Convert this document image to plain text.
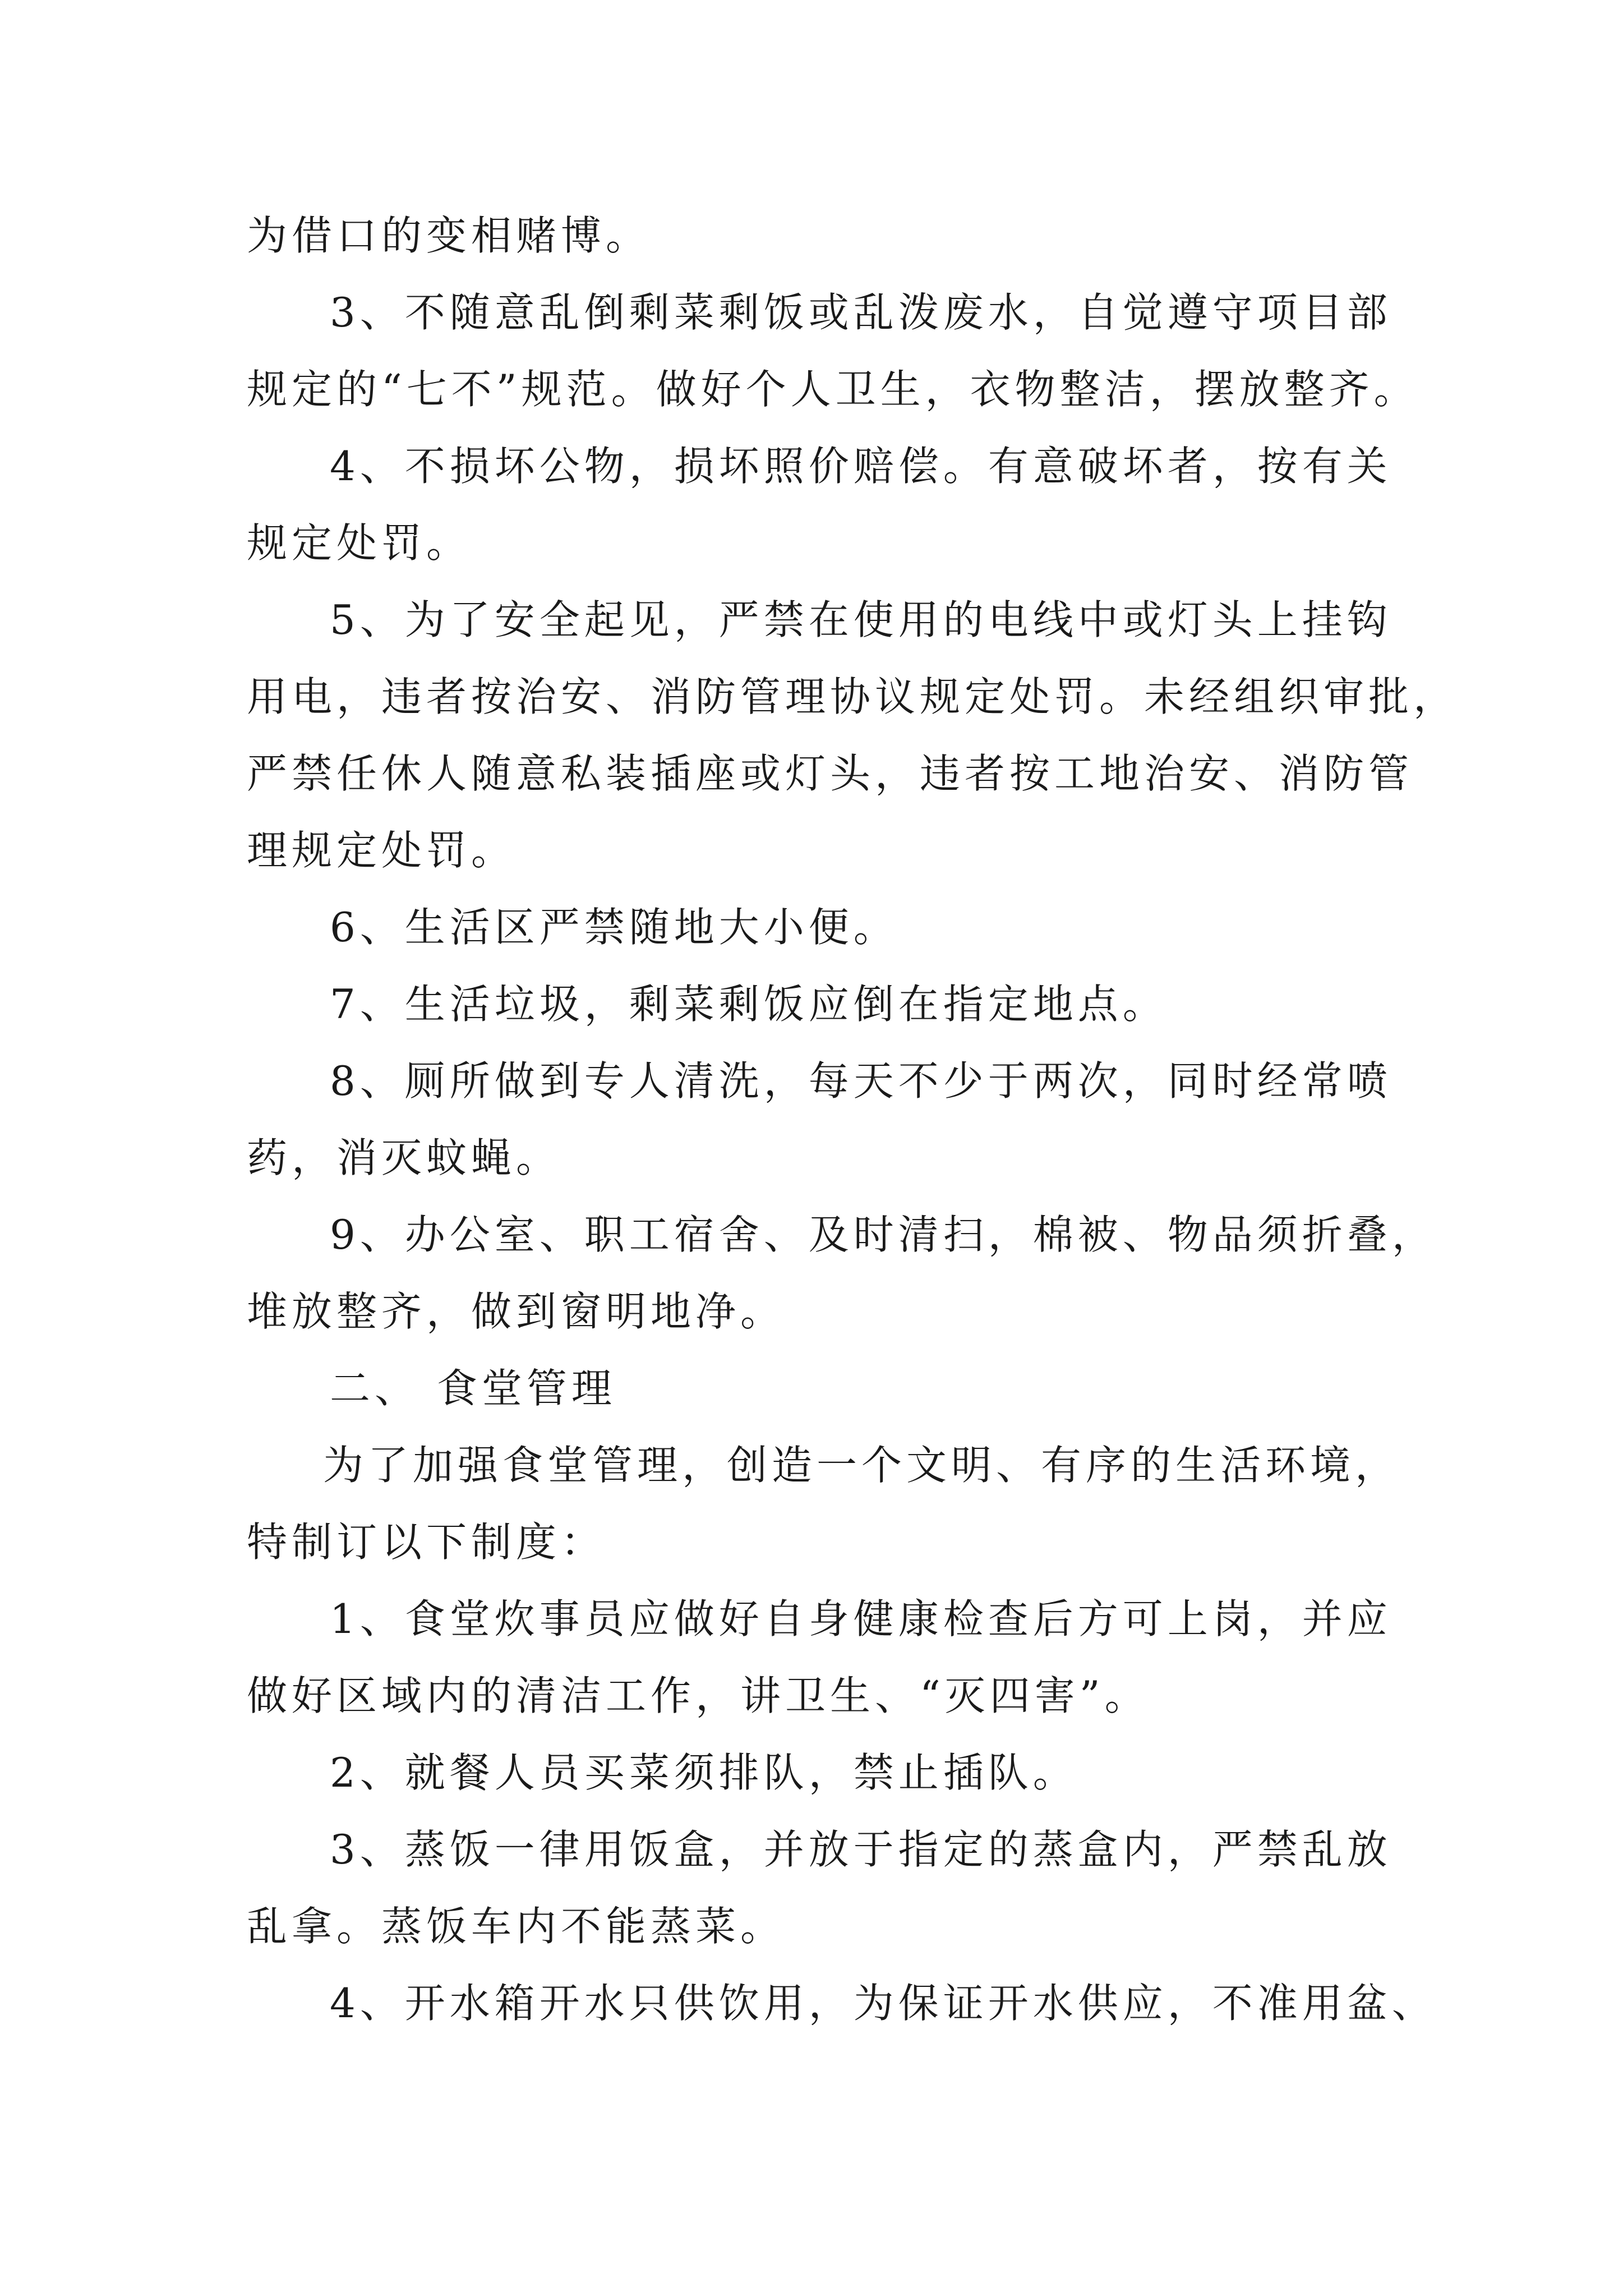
为借口的变相赌博。
3、不随意乱倒剩菜剩饭或乱泼废水，自觉遵守项目部
规定的“七不”规范。做好个人卫生，衣物整洁，摆放整齐。
4、不损坏公物，损坏照价赔偿。有意破坏者，按有关
规定处罚。
5、为了安全起见，严禁在使用的电线中或灯头上挂钩
用电，违者按治安、消防管理协议规定处罚。未经组织审批，
严禁任休人随意私装插座或灯头，违者按工地治安、消防管
理规定处罚。
6、生活区严禁随地大小便。
7、生活垃圾，剩菜剩饭应倒在指定地点。
8、厕所做到专人清洗，每天不少于两次，同时经常喷
药，消灭蚊蝇。
9、办公室、职工宿舍、及时清扫，棉被、物品须折叠，
堆放整齐，做到窗明地净。
二、 食堂管理
为了加强食堂管理，创造一个文明、有序的生活环境，
特制订以下制度：
1、食堂炊事员应做好自身健康检查后方可上岗，并应
做好区域内的清洁工作，讲卫生、“灭四害”。
2、就餐人员买菜须排队，禁止插队。
3、蒸饭一律用饭盒，并放于指定的蒸盒内，严禁乱放
乱拿。蒸饭车内不能蒸菜。
4、开水箱开水只供饮用，为保证开水供应，不准用盆、
